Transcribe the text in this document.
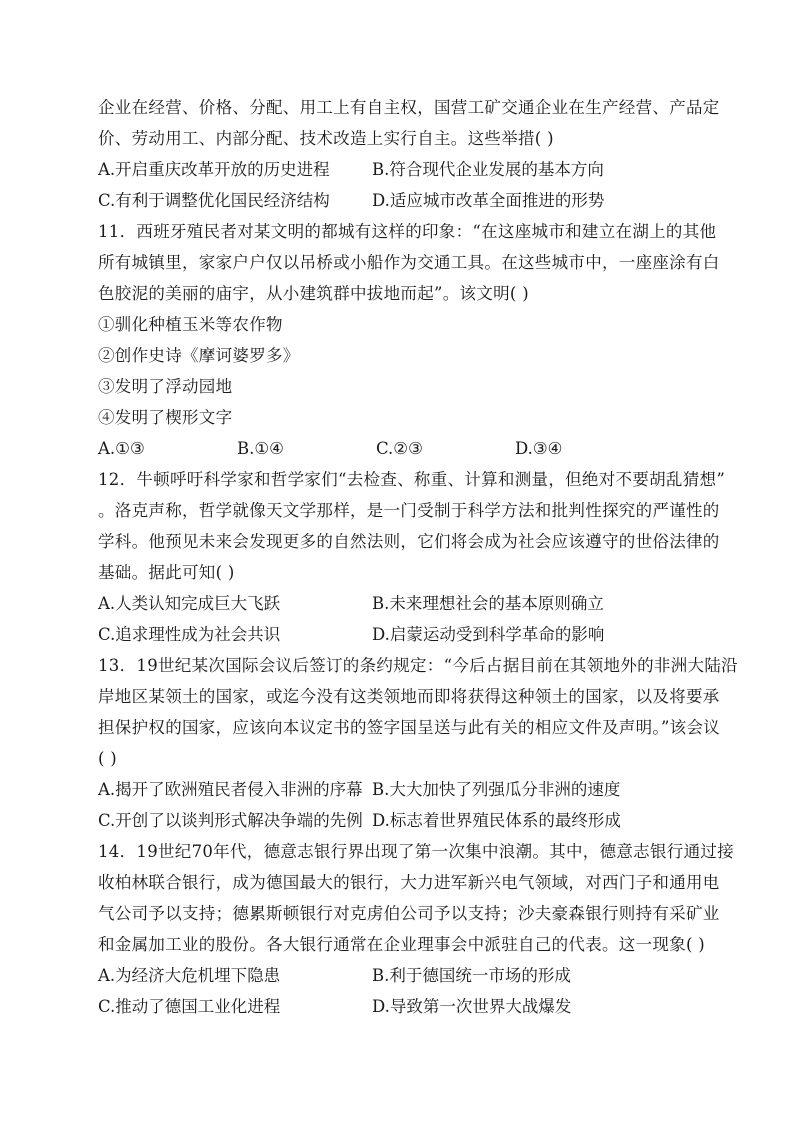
企业在经营、价格、分配、用工上有自主权，国营工矿交通企业在生产经营、产品定
价、劳动用工、内部分配、技术改造上实行自主。这些举措( )
A.开启重庆改革开放的历史进程	B.符合现代企业发展的基本方向
C.有利于调整优化国民经济结构	D.适应城市改革全面推进的形势
11．西班牙殖民者对某文明的都城有这样的印象：“在这座城市和建立在湖上的其他
所有城镇里，家家户户仅以吊桥或小船作为交通工具。在这些城市中，一座座涂有白
色胶泥的美丽的庙宇，从小建筑群中拔地而起”。该文明( )
①驯化种植玉米等农作物
②创作史诗《摩诃婆罗多》
③发明了浮动园地
④发明了楔形文字
A.①③	B.①④	C.②③	D.③④
12．牛顿呼吁科学家和哲学家们“去检查、称重、计算和测量，但绝对不要胡乱猜想”
。洛克声称，哲学就像天文学那样，是一门受制于科学方法和批判性探究的严谨性的
学科。他预见未来会发现更多的自然法则，它们将会成为社会应该遵守的世俗法律的
基础。据此可知( )
A.人类认知完成巨大飞跃	B.未来理想社会的基本原则确立
C.追求理性成为社会共识	D.启蒙运动受到科学革命的影响
13．19世纪某次国际会议后签订的条约规定：“今后占据目前在其领地外的非洲大陆沿
岸地区某领土的国家，或迄今没有这类领地而即将获得这种领土的国家，以及将要承
担保护权的国家，应该向本议定书的签字国呈送与此有关的相应文件及声明。”该会议
( )
A.揭开了欧洲殖民者侵入非洲的序幕 B.大大加快了列强瓜分非洲的速度
C.开创了以谈判形式解决争端的先例 D.标志着世界殖民体系的最终形成
14．19世纪70年代，德意志银行界出现了第一次集中浪潮。其中，德意志银行通过接
收柏林联合银行，成为德国最大的银行，大力进军新兴电气领域，对西门子和通用电
气公司予以支持；德累斯顿银行对克虏伯公司予以支持；沙夫豪森银行则持有采矿业
和金属加工业的股份。各大银行通常在企业理事会中派驻自己的代表。这一现象( )
A.为经济大危机埋下隐患	B.利于德国统一市场的形成
C.推动了德国工业化进程	D.导致第一次世界大战爆发
